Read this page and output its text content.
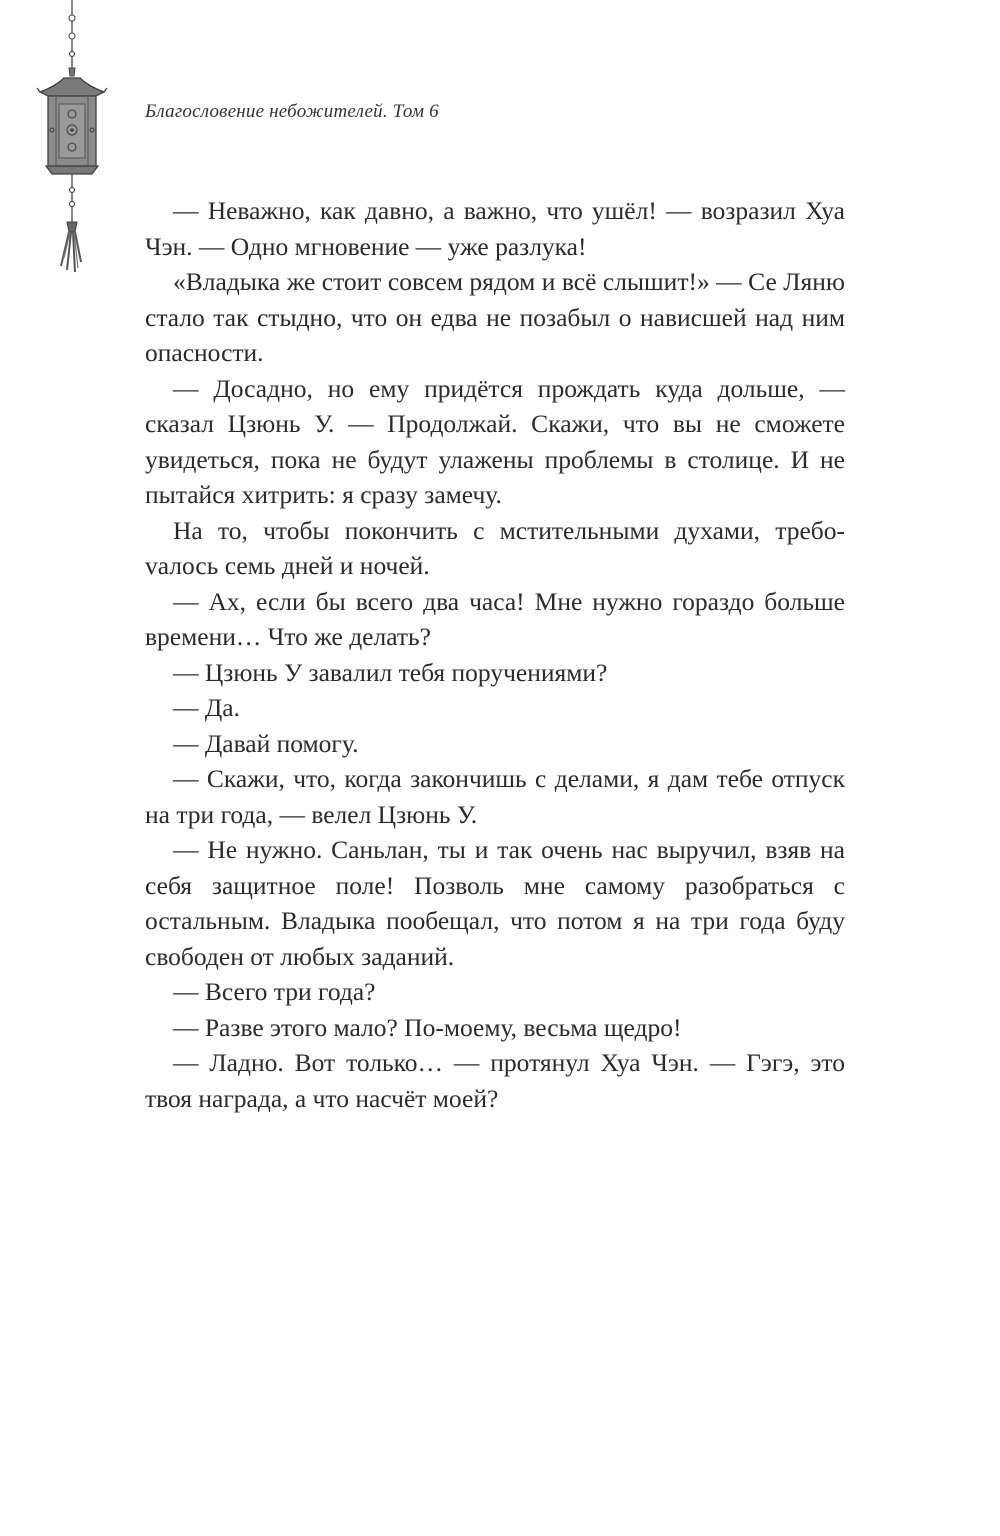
Благословение небожителей. Том 6

— Неважно, как давно, а важно, что ушёл! — возразил Хуа Чэн. — Одно мгновение — уже разлука!

«Владыка же стоит совсем рядом и всё слышит!» — Се Ляню стало так стыдно, что он едва не позабыл о нависшей над ним опасности.

— Досадно, но ему придётся прождать куда дольше, — сказал Цзюнь У. — Продолжай. Скажи, что вы не сможете увидеться, пока не будут улажены проблемы в столице. И не пытайся хитрить: я сразу замечу.

На то, чтобы покончить с мстительными духами, требоvалось семь дней и ночей.

— Ах, если бы всего два часа! Мне нужно гораздо больше времени… Что же делать?

— Цзюнь У завалил тебя поручениями?

— Да.

— Давай помогу.

— Скажи, что, когда закончишь с делами, я дам тебе отпуск на три года, — велел Цзюнь У.

— Не нужно. Саньлан, ты и так очень нас выручил, взяв на себя защитное поле! Позволь мне самому разобраться с остальным. Владыка пообещал, что потом я на три года буду свободен от любых заданий.

— Всего три года?

— Разве этого мало? По-моему, весьма щедро!

— Ладно. Вот только… — протянул Хуа Чэн. — Гэгэ, это твоя награда, а что насчёт моей?
